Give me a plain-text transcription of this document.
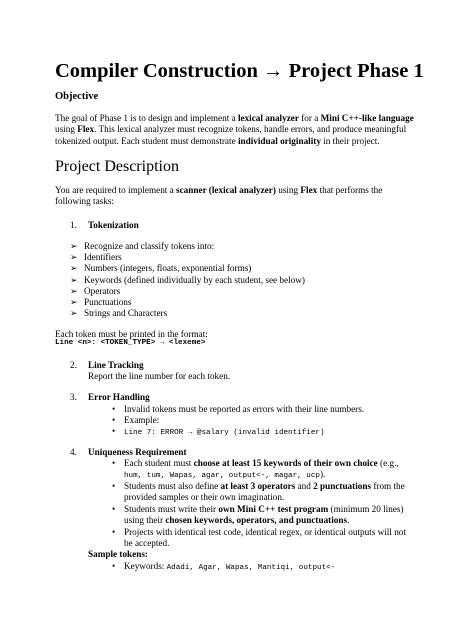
Compiler Construction → Project Phase 1
Objective
The goal of Phase 1 is to design and implement a lexical analyzer for a Mini C++-like language
using Flex. This lexical analyzer must recognize tokens, handle errors, and produce meaningful
tokenized output. Each student must demonstrate individual originality in their project.
Project Description
You are required to implement a scanner (lexical analyzer) using Flex that performs the
following tasks:
1. Tokenization
➢ Recognize and classify tokens into:
➢ Identifiers
➢ Numbers (integers, floats, exponential forms)
➢ Keywords (defined individually by each student, see below)
➢ Operators
➢ Punctuations
➢ Strings and Characters
Each token must be printed in the format:
Line <n>: <TOKEN_TYPE> → <lexeme>
2. Line Tracking
Report the line number for each token.
3. Error Handling
• Invalid tokens must be reported as errors with their line numbers.
• Example:
• Line 7: ERROR → @salary (invalid identifier)
4. Uniqueness Requirement
• Each student must choose at least 15 keywords of their own choice (e.g.,
hum, tum, Wapas, agar, output<-, magar, ucp).
• Students must also define at least 3 operators and 2 punctuations from the
provided samples or their own imagination.
• Students must write their own Mini C++ test program (minimum 20 lines)
using their chosen keywords, operators, and punctuations.
• Projects with identical test code, identical regex, or identical outputs will not
be accepted.
Sample tokens:
• Keywords: Adadi, Agar, Wapas, Mantiqi, output<-
